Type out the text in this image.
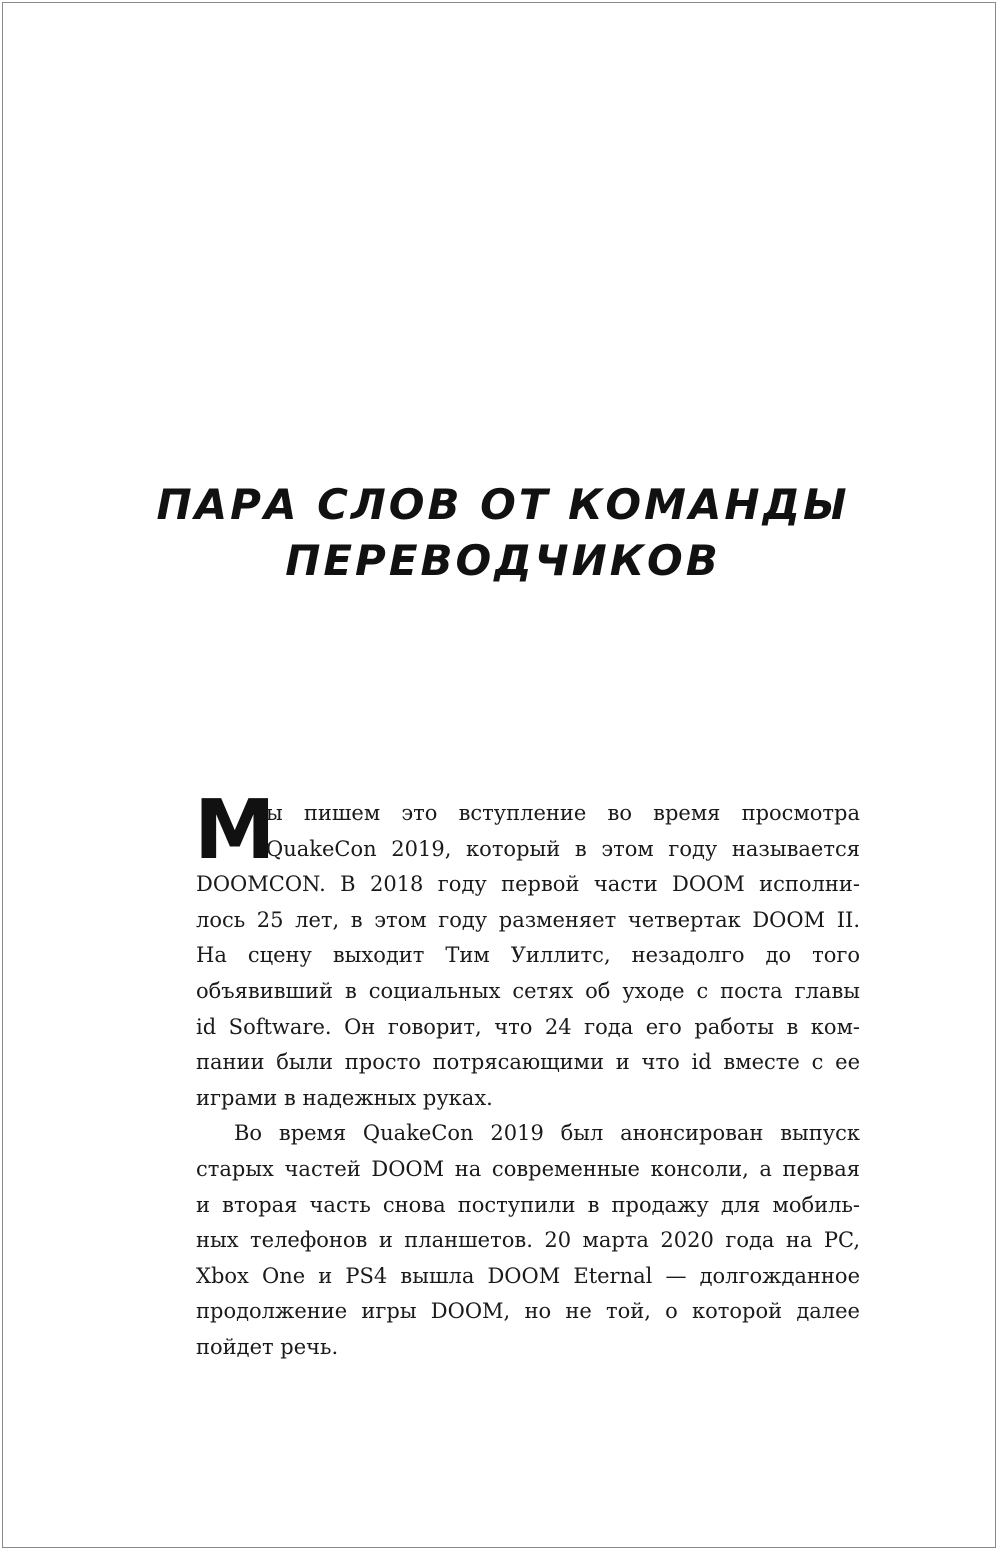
ПАРА СЛОВ ОТ КОМАНДЫ
ПЕРЕВОДЧИКОВ
М
ы пишем это вступление во время просмотра
QuakeCon 2019, который в этом году называется
DOOMCON. В 2018 году первой части DOOM исполни-
лось 25 лет, в этом году разменяет четвертак DOOM II.
На сцену выходит Тим Уиллитс, незадолго до того
объявивший в социальных сетях об уходе с поста главы
id Software. Он говорит, что 24 года его работы в ком-
пании были просто потрясающими и что id вместе с ее
играми в надежных руках.
Во время QuakeCon 2019 был анонсирован выпуск
старых частей DOOM на современные консоли, а первая
и вторая часть снова поступили в продажу для мобиль-
ных телефонов и планшетов. 20 марта 2020 года на PC,
Xbox One и PS4 вышла DOOM Eternal — долгожданное
продолжение игры DOOM, но не той, о которой далее
пойдет речь.
